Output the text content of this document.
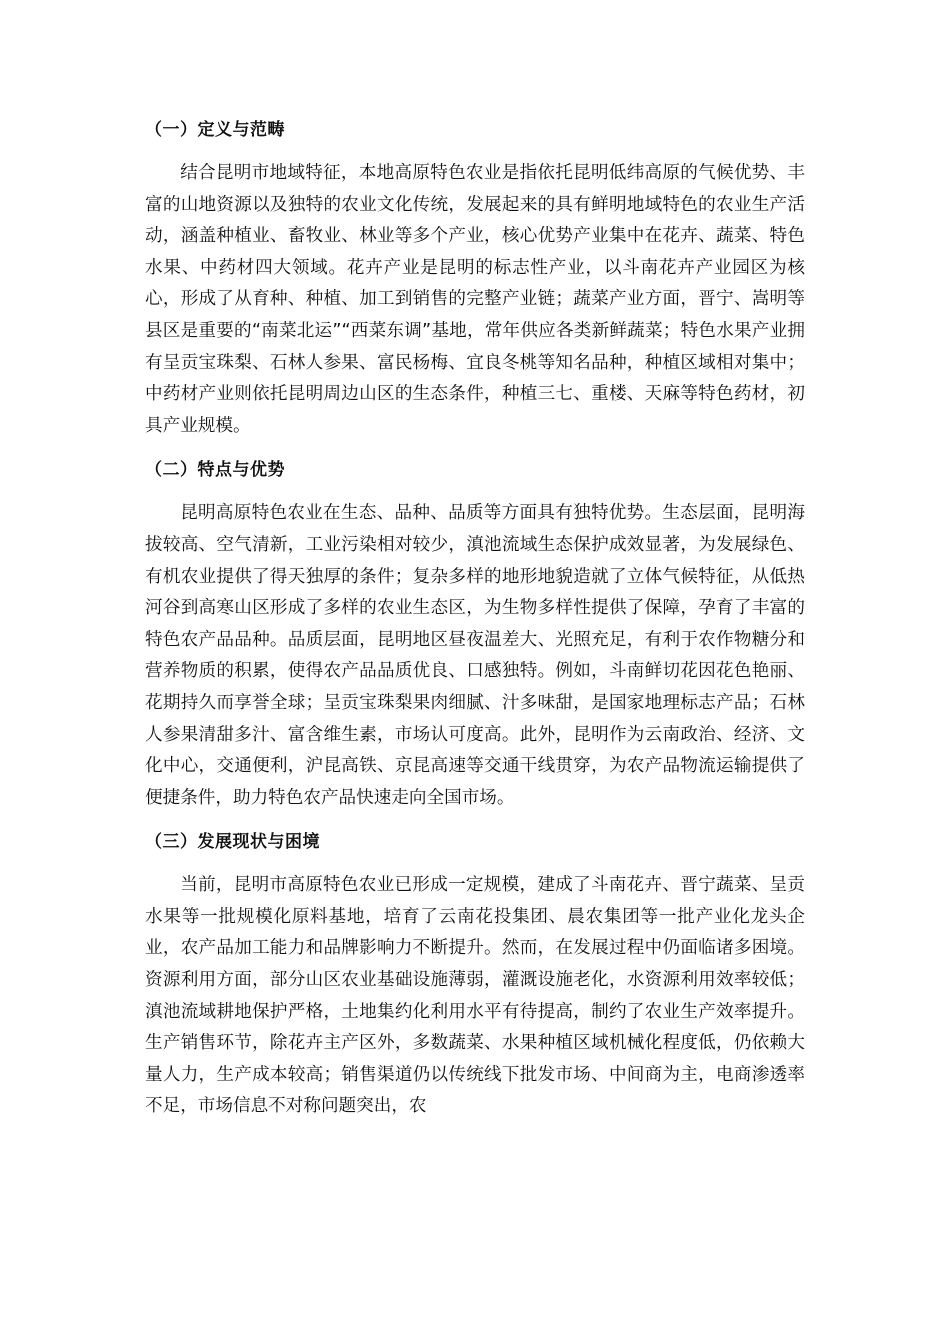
（一）定义与范畴

结合昆明市地域特征，本地高原特色农业是指依托昆明低纬高原的气候优势、丰富的山地资源以及独特的农业文化传统，发展起来的具有鲜明地域特色的农业生产活动，涵盖种植业、畜牧业、林业等多个产业，核心优势产业集中在花卉、蔬菜、特色水果、中药材四大领域。花卉产业是昆明的标志性产业，以斗南花卉产业园区为核心，形成了从育种、种植、加工到销售的完整产业链；蔬菜产业方面，晋宁、嵩明等县区是重要的“南菜北运”“西菜东调”基地，常年供应各类新鲜蔬菜；特色水果产业拥有呈贡宝珠梨、石林人参果、富民杨梅、宜良冬桃等知名品种，种植区域相对集中；中药材产业则依托昆明周边山区的生态条件，种植三七、重楼、天麻等特色药材，初具产业规模。

（二）特点与优势

昆明高原特色农业在生态、品种、品质等方面具有独特优势。生态层面，昆明海拔较高、空气清新，工业污染相对较少，滇池流域生态保护成效显著，为发展绿色、有机农业提供了得天独厚的条件；复杂多样的地形地貌造就了立体气候特征，从低热河谷到高寒山区形成了多样的农业生态区，为生物多样性提供了保障，孕育了丰富的特色农产品品种。品质层面，昆明地区昼夜温差大、光照充足，有利于农作物糖分和营养物质的积累，使得农产品品质优良、口感独特。例如，斗南鲜切花因花色艳丽、花期持久而享誉全球；呈贡宝珠梨果肉细腻、汁多味甜，是国家地理标志产品；石林人参果清甜多汁、富含维生素，市场认可度高。此外，昆明作为云南政治、经济、文化中心，交通便利，沪昆高铁、京昆高速等交通干线贯穿，为农产品物流运输提供了便捷条件，助力特色农产品快速走向全国市场。

（三）发展现状与困境

当前，昆明市高原特色农业已形成一定规模，建成了斗南花卉、晋宁蔬菜、呈贡水果等一批规模化原料基地，培育了云南花投集团、晨农集团等一批产业化龙头企业，农产品加工能力和品牌影响力不断提升。然而，在发展过程中仍面临诸多困境。资源利用方面，部分山区农业基础设施薄弱，灌溉设施老化，水资源利用效率较低；滇池流域耕地保护严格，土地集约化利用水平有待提高，制约了农业生产效率提升。生产销售环节，除花卉主产区外，多数蔬菜、水果种植区域机械化程度低，仍依赖大量人力，生产成本较高；销售渠道仍以传统线下批发市场、中间商为主，电商渗透率不足，市场信息不对称问题突出，农
